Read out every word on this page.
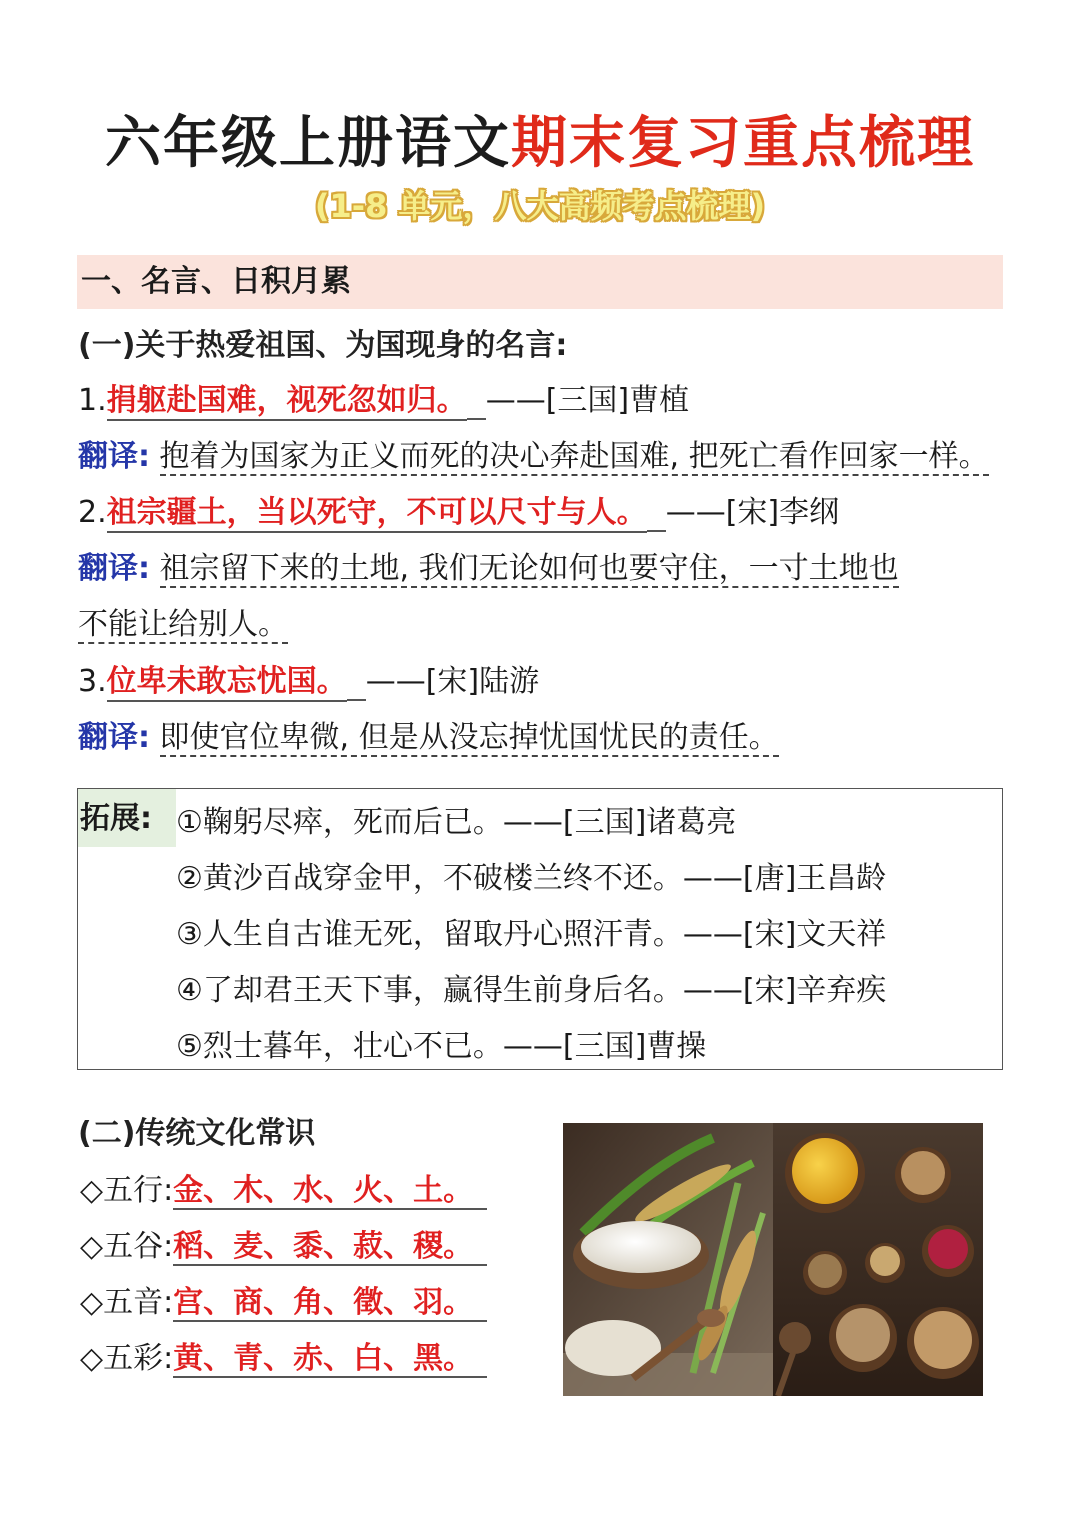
六年级上册语文期末复习重点梳理
(1-8 单元，八大高频考点梳理)
一、名言、日积月累
(一)关于热爱祖国、为国现身的名言:
1.捐躯赴国难，视死忽如归。 ——[三国]曹植
翻译: 抱着为国家为正义而死的决心奔赴国难, 把死亡看作回家一样。
2.祖宗疆土，当以死守，不可以尺寸与人。 ——[宋]李纲
翻译: 祖宗留下来的土地, 我们无论如何也要守住，一寸土地也
不能让给别人。
3.位卑未敢忘忧国。 ——[宋]陆游
翻译: 即使官位卑微, 但是从没忘掉忧国忧民的责任。
拓展: ①鞠躬尽瘁，死而后已。——[三国]诸葛亮
②黄沙百战穿金甲，不破楼兰终不还。——[唐]王昌龄
③人生自古谁无死，留取丹心照汗青。——[宋]文天祥
④了却君王天下事，赢得生前身后名。——[宋]辛弃疾
⑤烈士暮年，壮心不已。——[三国]曹操
(二)传统文化常识
◇五行:金、木、水、火、土。
◇五谷:稻、麦、黍、菽、稷。
◇五音:宫、商、角、徵、羽。
◇五彩:黄、青、赤、白、黑。
